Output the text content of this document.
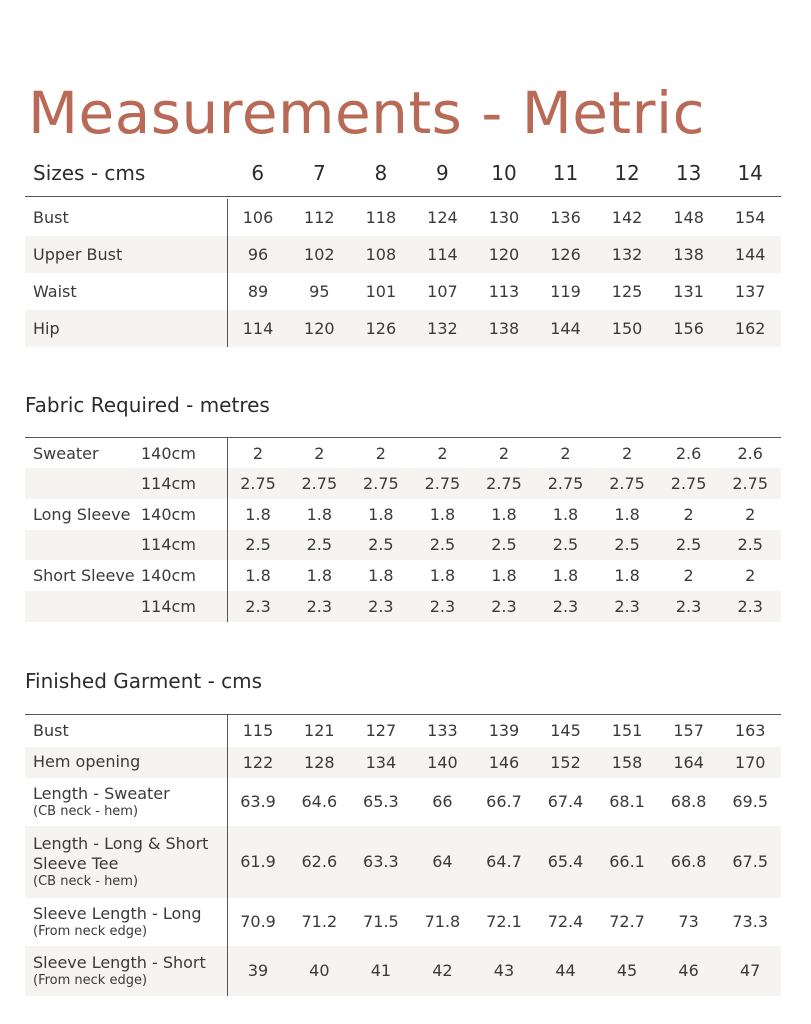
Measurements - Metric
Sizes - cms	6	7	8	9	10	11	12	13	14

Bust	106	112	118	124	130	136	142	148	154
Upper Bust	96	102	108	114	120	126	132	138	144
Waist	89	95	101	107	113	119	125	131	137
Hip	114	120	126	132	138	144	150	156	162
Fabric Required - metres
Sweater	140cm	2	2	2	2	2	2	2	2.6	2.6
	114cm	2.75	2.75	2.75	2.75	2.75	2.75	2.75	2.75	2.75
Long Sleeve	140cm	1.8	1.8	1.8	1.8	1.8	1.8	1.8	2	2
	114cm	2.5	2.5	2.5	2.5	2.5	2.5	2.5	2.5	2.5
Short Sleeve	140cm	1.8	1.8	1.8	1.8	1.8	1.8	1.8	2	2
	114cm	2.3	2.3	2.3	2.3	2.3	2.3	2.3	2.3	2.3
Finished Garment - cms
Bust	115	121	127	133	139	145	151	157	163

Hem opening	122	128	134	140	146	152	158	164	170

Length - Sweater
(CB neck - hem)	63.9	64.6	65.3	66	66.7	67.4	68.1	68.8	69.5

Length - Long & Short
Sleeve Tee
(CB neck - hem)	61.9	62.6	63.3	64	64.7	65.4	66.1	66.8	67.5

Sleeve Length - Long
(From neck edge)	70.9	71.2	71.5	71.8	72.1	72.4	72.7	73	73.3

Sleeve Length - Short
(From neck edge)	39	40	41	42	43	44	45	46	47
